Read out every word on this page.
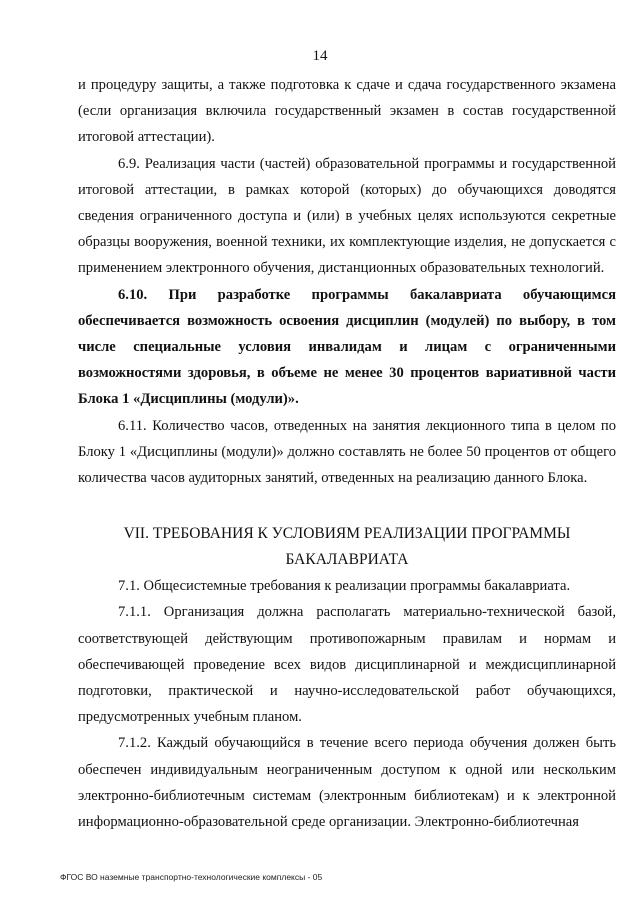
14

и процедуру защиты, а также подготовка к сдаче и сдача государственного экзамена (если организация включила государственный экзамен в состав государственной итоговой аттестации).

6.9. Реализация части (частей) образовательной программы и государственной итоговой аттестации, в рамках которой (которых) до обучающихся доводятся сведения ограниченного доступа и (или) в учебных целях используются секретные образцы вооружения, военной техники, их комплектующие изделия, не допускается с применением электронного обучения, дистанционных образовательных технологий.

6.10. При разработке программы бакалавриата обучающимся обеспечивается возможность освоения дисциплин (модулей) по выбору, в том числе специальные условия инвалидам и лицам с ограниченными возможностями здоровья, в объеме не менее 30 процентов вариативной части Блока 1 «Дисциплины (модули)».

6.11. Количество часов, отведенных на занятия лекционного типа в целом по Блоку 1 «Дисциплины (модули)» должно составлять не более 50 процентов от общего количества часов аудиторных занятий, отведенных на реализацию данного Блока.

VII. ТРЕБОВАНИЯ К УСЛОВИЯМ РЕАЛИЗАЦИИ ПРОГРАММЫ
БАКАЛАВРИАТА

7.1. Общесистемные требования к реализации программы бакалавриата.

7.1.1. Организация должна располагать материально-технической базой, соответствующей действующим противопожарным правилам и нормам и обеспечивающей проведение всех видов дисциплинарной и междисциплинарной подготовки, практической и научно-исследовательской работ обучающихся, предусмотренных учебным планом.

7.1.2. Каждый обучающийся в течение всего периода обучения должен быть обеспечен индивидуальным неограниченным доступом к одной или нескольким электронно-библиотечным системам (электронным библиотекам) и к электронной информационно-образовательной среде организации. Электронно-библиотечная

ФГОС ВО наземные транспортно-технологические комплексы - 05
